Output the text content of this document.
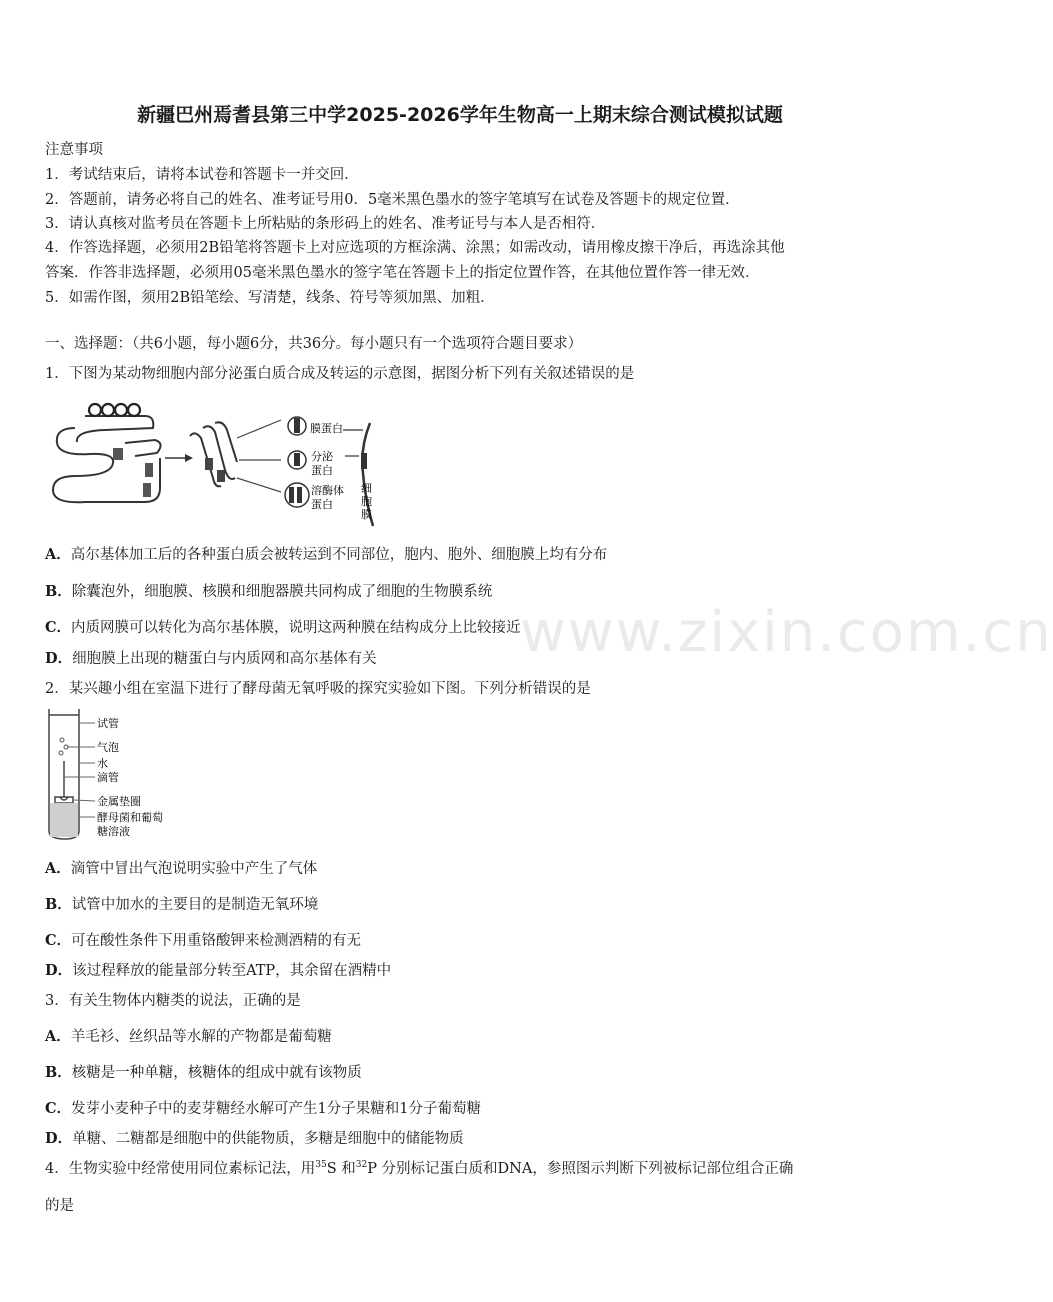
新疆巴州焉耆县第三中学2025-2026学年生物高一上期末综合测试模拟试题
注意事项
1．考试结束后，请将本试卷和答题卡一并交回．
2．答题前，请务必将自己的姓名、准考证号用0．5毫米黑色墨水的签字笔填写在试卷及答题卡的规定位置．
3．请认真核对监考员在答题卡上所粘贴的条形码上的姓名、准考证号与本人是否相符．
4．作答选择题，必须用2B铅笔将答题卡上对应选项的方框涂满、涂黑；如需改动，请用橡皮擦干净后，再选涂其他
答案．作答非选择题，必须用05毫米黑色墨水的签字笔在答题卡上的指定位置作答，在其他位置作答一律无效．
5．如需作图，须用2B铅笔绘、写清楚，线条、符号等须加黑、加粗．
一、选择题：（共6小题，每小题6分，共36分。每小题只有一个选项符合题目要求）
1．下图为某动物细胞内部分泌蛋白质合成及转运的示意图，据图分析下列有关叙述错误的是
膜蛋白
分泌
蛋白
溶酶体
蛋白
细
胞
膜
A．高尔基体加工后的各种蛋白质会被转运到不同部位，胞内、胞外、细胞膜上均有分布
B．除囊泡外，细胞膜、核膜和细胞器膜共同构成了细胞的生物膜系统
C．内质网膜可以转化为高尔基体膜，说明这两种膜在结构成分上比较接近
D．细胞膜上出现的糖蛋白与内质网和高尔基体有关
2．某兴趣小组在室温下进行了酵母菌无氧呼吸的探究实验如下图。下列分析错误的是
试管
气泡
水
滴管
金属垫圈
酵母菌和葡萄
糖溶液
A．滴管中冒出气泡说明实验中产生了气体
B．试管中加水的主要目的是制造无氧环境
C．可在酸性条件下用重铬酸钾来检测酒精的有无
D．该过程释放的能量部分转至ATP，其余留在酒精中
3．有关生物体内糖类的说法，正确的是
A．羊毛衫、丝织品等水解的产物都是葡萄糖
B．核糖是一种单糖，核糖体的组成中就有该物质
C．发芽小麦种子中的麦芽糖经水解可产生1分子果糖和1分子葡萄糖
D．单糖、二糖都是细胞中的供能物质，多糖是细胞中的储能物质
4．生物实验中经常使用同位素标记法，用$^{35}$S 和$^{32}$P 分别标记蛋白质和DNA，参照图示判断下列被标记部位组合正确
的是
www.zixin.com.cn
